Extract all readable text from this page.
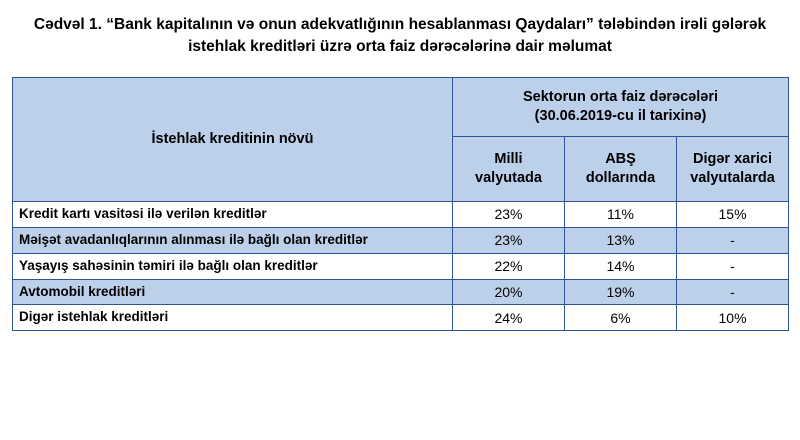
Cədvəl 1. “Bank kapitalının və onun adekvatlığının hesablanması Qaydaları” tələbindən irəli gələrək istehlak kreditləri üzrə orta faiz dərəcələrinə dair məlumat
İstehlak kreditinin növü	Sektorun orta faiz dərəcələri
(30.06.2019-cu il tarixinə)		
	Milli valyutada	ABŞ dollarında	Digər xarici valyutalarda
Kredit kartı vasitəsi ilə verilən kreditlər	23%	11%	15%
Məişət avadanlıqlarının alınması ilə bağlı olan kreditlər	23%	13%	-
Yaşayış sahəsinin təmiri ilə bağlı olan kreditlər	22%	14%	-
Avtomobil kreditləri	20%	19%	-
Digər istehlak kreditləri	24%	6%	10%
